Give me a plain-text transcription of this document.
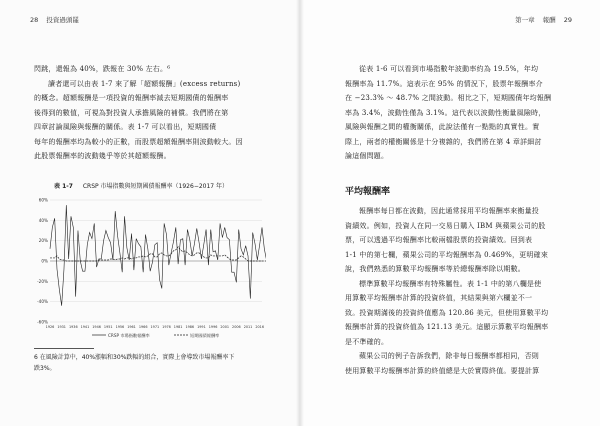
28 投資過頭罷	第一章 報酬 29

閃跳，還報為 40%，跌報在 30% 左右。⁶

讀者還可以由表 1-7 來了解「超額報酬」(excess returns)

的概念。超額報酬是一項投資的報酬率減去短期國債的報酬率

後得到的數值，可視為對投資人承擔風險的補償。我們將在第

四章討論風險與報酬的關係。表 1-7 可以看出，短期國債

每年的報酬率均為較小的正數，而股票超額報酬率則波動較大。因

此股票報酬率的波動幾乎等於其超額報酬。

表 1-7 CRSP 市場指數與短期國債報酬率（1926−2017 年）
60%
40%
20%
0%
-20%
-40%
-60%
1926 1931 1936 1941 1946 1951 1956 1961 1966 1971 1976 1981 1986 1991 1996 2001 2006 2011 2016
CRSP 市場指數報酬率	短期國債報酬率

6 在風險計算中，40%漲幅和30%跌幅的組合，實際上會導致市場報酬率下

跌3%。

從表 1-6 可以看到市場指數年波動率約為 19.5%，年均

報酬率為 11.7%。這表示在 95% 的情況下，股票年報酬率介

在 −23.3% ～ 48.7% 之間波動。相比之下，短期國債年均報酬

率為 3.4%，波動性僅為 3.1%。這代表以波動性衡量風險時，

風險與報酬之間的權衡關係，此說法僅有一點點的真實性。實

際上，兩者的權衡關係是十分複雜的，我們將在第 4 章詳細討

論這個問題。

平均報酬率

報酬率每日都在波動，因此通常採用平均報酬率來衡量投

資績效。例如，投資人在同一交易日購入 IBM 與蘋果公司的股

票，可以透過平均報酬率比較兩檔股票的投資績效。回到表

1-1 中的第七欄，蘋果公司的平均報酬率為 0.469%，更明確來

說，我們熟悉的算數平均報酬率等於總報酬率除以期數。

標準算數平均報酬率有特殊屬性。表 1-1 中的第八欄是使

用算數平均報酬率計算的投資終值，其結果與第六欄並不一

致。投資期滿後的投資終值應為 120.86 美元，但使用算數平均

報酬率計算的投資終值為 121.13 美元。這顯示算數平均報酬率

是不準確的。

蘋果公司的例子告訴我們，除非每日報酬率都相同，否則

使用算數平均報酬率計算的終值總是大於實際終值。要提計算
